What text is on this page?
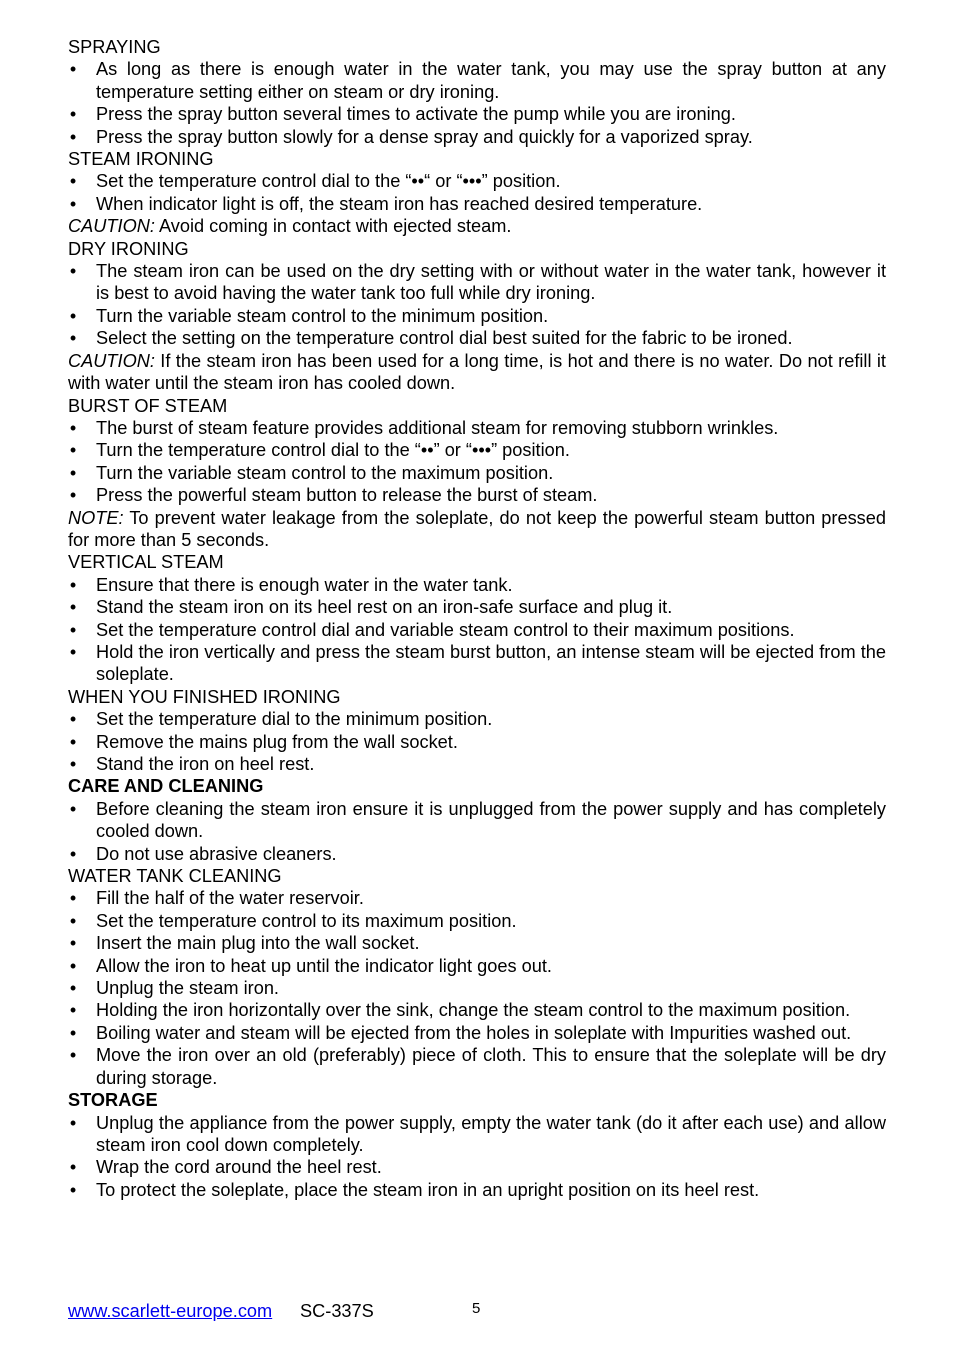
SPRAYING
• As long as there is enough water in the water tank, you may use the spray button at any temperature setting either on steam or dry ironing.
• Press the spray button several times to activate the pump while you are ironing.
• Press the spray button slowly for a dense spray and quickly for a vaporized spray.
STEAM IRONING
• Set the temperature control dial to the “••“ or “•••” position.
• When indicator light is off, the steam iron has reached desired temperature.
CAUTION: Avoid coming in contact with ejected steam.
DRY IRONING
• The steam iron can be used on the dry setting with or without water in the water tank, however it is best to avoid having the water tank too full while dry ironing.
• Turn the variable steam control to the minimum position.
• Select the setting on the temperature control dial best suited for the fabric to be ironed.
CAUTION: If the steam iron has been used for a long time, is hot and there is no water. Do not refill it with water until the steam iron has cooled down.
BURST OF STEAM
• The burst of steam feature provides additional steam for removing stubborn wrinkles.
• Turn the temperature control dial to the “••” or “•••” position.
• Turn the variable steam control to the maximum position.
• Press the powerful steam button to release the burst of steam.
NOTE: To prevent water leakage from the soleplate, do not keep the powerful steam button pressed for more than 5 seconds.
VERTICAL STEAM
• Ensure that there is enough water in the water tank.
• Stand the steam iron on its heel rest on an iron-safe surface and plug it.
• Set the temperature control dial and variable steam control to their maximum positions.
• Hold the iron vertically and press the steam burst button, an intense steam will be ejected from the soleplate.
WHEN YOU FINISHED IRONING
• Set the temperature dial to the minimum position.
• Remove the mains plug from the wall socket.
• Stand the iron on heel rest.
CARE AND CLEANING
• Before cleaning the steam iron ensure it is unplugged from the power supply and has completely cooled down.
• Do not use abrasive cleaners.
WATER TANK CLEANING
• Fill the half of the water reservoir.
• Set the temperature control to its maximum position.
• Insert the main plug into the wall socket.
• Allow the iron to heat up until the indicator light goes out.
• Unplug the steam iron.
• Holding the iron horizontally over the sink, change the steam control to the maximum position.
• Boiling water and steam will be ejected from the holes in soleplate with Impurities washed out.
• Move the iron over an old (preferably) piece of cloth. This to ensure that the soleplate will be dry during storage.
STORAGE
• Unplug the appliance from the power supply, empty the water tank (do it after each use) and allow steam iron cool down completely.
• Wrap the cord around the heel rest.
• To protect the soleplate, place the steam iron in an upright position on its heel rest.
www.scarlett-europe.com SC-337S	5
